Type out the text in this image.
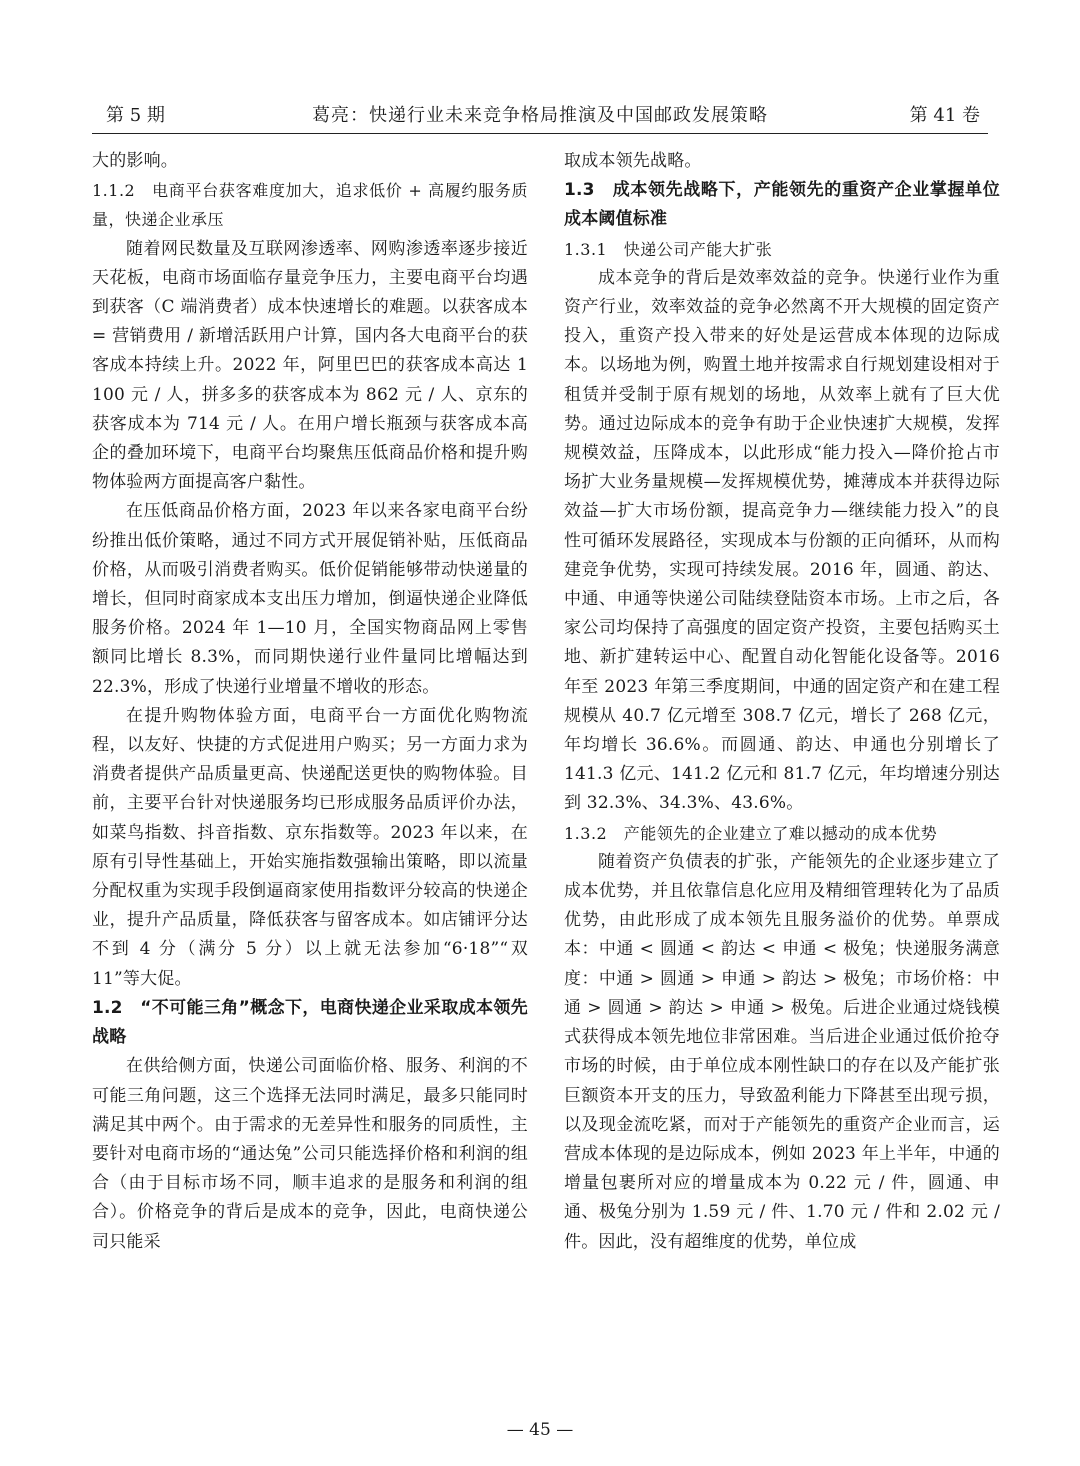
第 5 期	葛亮：快递行业未来竞争格局推演及中国邮政发展策略	第 41 卷

大的影响。

1.1.2　电商平台获客难度加大，追求低价 + 高履约服务质量，快递企业承压

随着网民数量及互联网渗透率、网购渗透率逐步接近天花板，电商市场面临存量竞争压力，主要电商平台均遇到获客（C 端消费者）成本快速增长的难题。以获客成本 = 营销费用 / 新增活跃用户计算，国内各大电商平台的获客成本持续上升。2022 年，阿里巴巴的获客成本高达 1 100 元 / 人，拼多多的获客成本为 862 元 / 人、京东的获客成本为 714 元 / 人。在用户增长瓶颈与获客成本高企的叠加环境下，电商平台均聚焦压低商品价格和提升购物体验两方面提高客户黏性。

在压低商品价格方面，2023 年以来各家电商平台纷纷推出低价策略，通过不同方式开展促销补贴，压低商品价格，从而吸引消费者购买。低价促销能够带动快递量的增长，但同时商家成本支出压力增加，倒逼快递企业降低服务价格。2024 年 1—10 月，全国实物商品网上零售额同比增长 8.3%，而同期快递行业件量同比增幅达到 22.3%，形成了快递行业增量不增收的形态。

在提升购物体验方面，电商平台一方面优化购物流程，以友好、快捷的方式促进用户购买；另一方面力求为消费者提供产品质量更高、快递配送更快的购物体验。目前，主要平台针对快递服务均已形成服务品质评价办法，如菜鸟指数、抖音指数、京东指数等。2023 年以来，在原有引导性基础上，开始实施指数强输出策略，即以流量分配权重为实现手段倒逼商家使用指数评分较高的快递企业，提升产品质量，降低获客与留客成本。如店铺评分达不到 4 分（满分 5 分）以上就无法参加“6·18”“双 11”等大促。

1.2　“不可能三角”概念下，电商快递企业采取成本领先战略

在供给侧方面，快递公司面临价格、服务、利润的不可能三角问题，这三个选择无法同时满足，最多只能同时满足其中两个。由于需求的无差异性和服务的同质性，主要针对电商市场的“通达兔”公司只能选择价格和利润的组合（由于目标市场不同，顺丰追求的是服务和利润的组合）。价格竞争的背后是成本的竞争，因此，电商快递公司只能采

取成本领先战略。

1.3　成本领先战略下，产能领先的重资产企业掌握单位成本阈值标准

1.3.1　快递公司产能大扩张

成本竞争的背后是效率效益的竞争。快递行业作为重资产行业，效率效益的竞争必然离不开大规模的固定资产投入，重资产投入带来的好处是运营成本体现的边际成本。以场地为例，购置土地并按需求自行规划建设相对于租赁并受制于原有规划的场地，从效率上就有了巨大优势。通过边际成本的竞争有助于企业快速扩大规模，发挥规模效益，压降成本，以此形成“能力投入—降价抢占市场扩大业务量规模—发挥规模优势，摊薄成本并获得边际效益—扩大市场份额，提高竞争力—继续能力投入”的良性可循环发展路径，实现成本与份额的正向循环，从而构建竞争优势，实现可持续发展。2016 年，圆通、韵达、中通、申通等快递公司陆续登陆资本市场。上市之后，各家公司均保持了高强度的固定资产投资，主要包括购买土地、新扩建转运中心、配置自动化智能化设备等。2016 年至 2023 年第三季度期间，中通的固定资产和在建工程规模从 40.7 亿元增至 308.7 亿元，增长了 268 亿元，年均增长 36.6%。而圆通、韵达、申通也分别增长了 141.3 亿元、141.2 亿元和 81.7 亿元，年均增速分别达到 32.3%、34.3%、43.6%。

1.3.2　产能领先的企业建立了难以撼动的成本优势

随着资产负债表的扩张，产能领先的企业逐步建立了成本优势，并且依靠信息化应用及精细管理转化为了品质优势，由此形成了成本领先且服务溢价的优势。单票成本：中通 < 圆通 < 韵达 < 申通 < 极兔；快递服务满意度：中通 > 圆通 > 申通 > 韵达 > 极兔；市场价格：中通 > 圆通 > 韵达 > 申通 > 极兔。后进企业通过烧钱模式获得成本领先地位非常困难。当后进企业通过低价抢夺市场的时候，由于单位成本刚性缺口的存在以及产能扩张巨额资本开支的压力，导致盈利能力下降甚至出现亏损，以及现金流吃紧，而对于产能领先的重资产企业而言，运营成本体现的是边际成本，例如 2023 年上半年，中通的增量包裹所对应的增量成本为 0.22 元 / 件，圆通、申通、极兔分别为 1.59 元 / 件、1.70 元 / 件和 2.02 元 / 件。因此，没有超维度的优势，单位成

— 45 —
